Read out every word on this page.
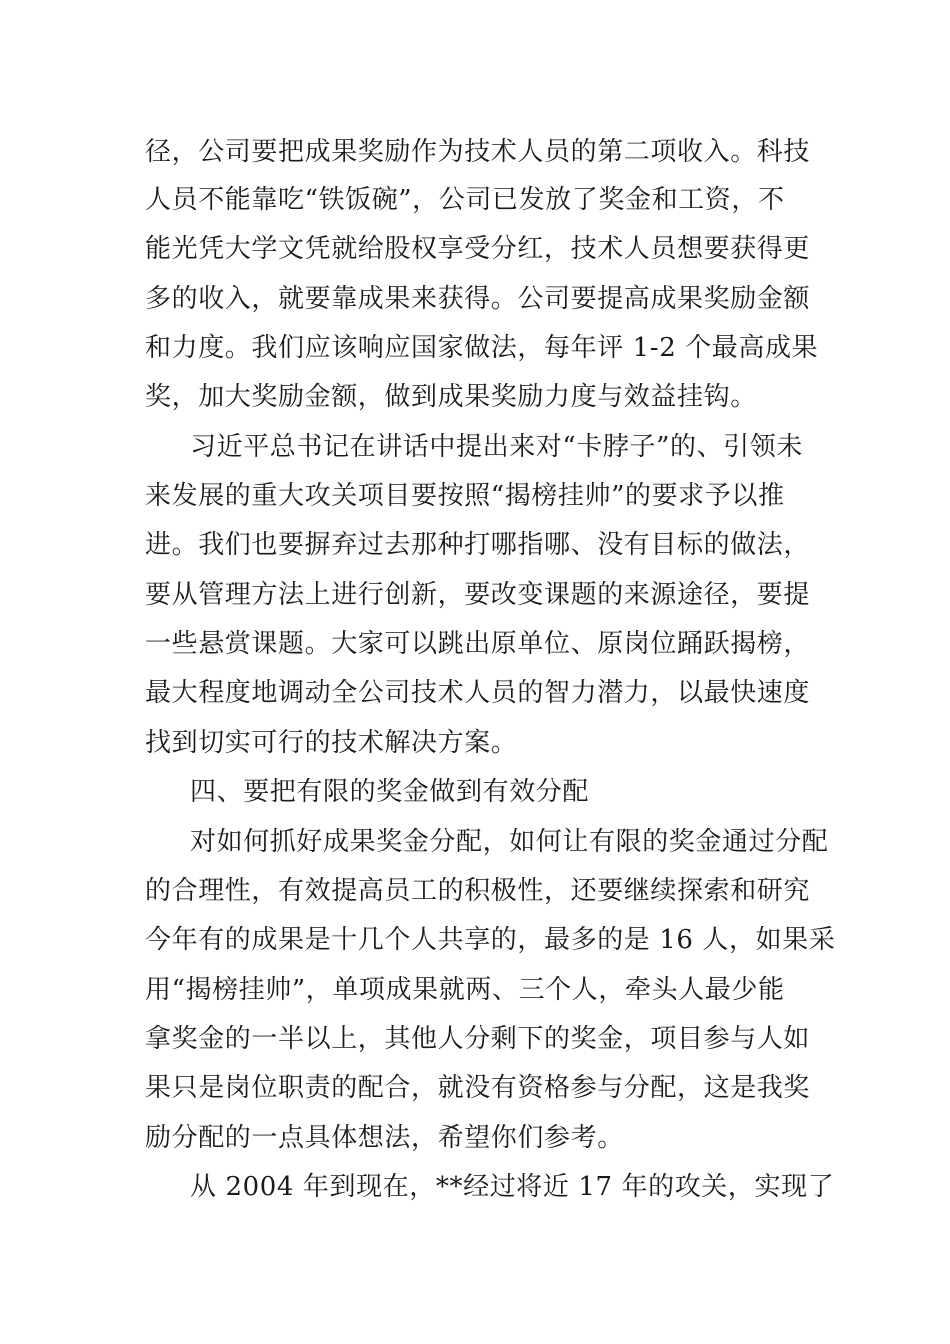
径，公司要把成果奖励作为技术人员的第二项收入。科技
人员不能靠吃“铁饭碗”，公司已发放了奖金和工资，不
能光凭大学文凭就给股权享受分红，技术人员想要获得更
多的收入，就要靠成果来获得。公司要提高成果奖励金额
和力度。我们应该响应国家做法，每年评 1-2 个最高成果
奖，加大奖励金额，做到成果奖励力度与效益挂钩。
习近平总书记在讲话中提出来对“卡脖子”的、引领未
来发展的重大攻关项目要按照“揭榜挂帅”的要求予以推
进。我们也要摒弃过去那种打哪指哪、没有目标的做法，
要从管理方法上进行创新，要改变课题的来源途径，要提
一些悬赏课题。大家可以跳出原单位、原岗位踊跃揭榜，
最大程度地调动全公司技术人员的智力潜力，以最快速度
找到切实可行的技术解决方案。
四、要把有限的奖金做到有效分配
对如何抓好成果奖金分配，如何让有限的奖金通过分配
的合理性，有效提高员工的积极性，还要继续探索和研究
今年有的成果是十几个人共享的，最多的是 16 人，如果采
用“揭榜挂帅”，单项成果就两、三个人，牵头人最少能
拿奖金的一半以上，其他人分剩下的奖金，项目参与人如
果只是岗位职责的配合，就没有资格参与分配，这是我奖
励分配的一点具体想法，希望你们参考。
从 2004 年到现在，**经过将近 17 年的攻关，实现了
